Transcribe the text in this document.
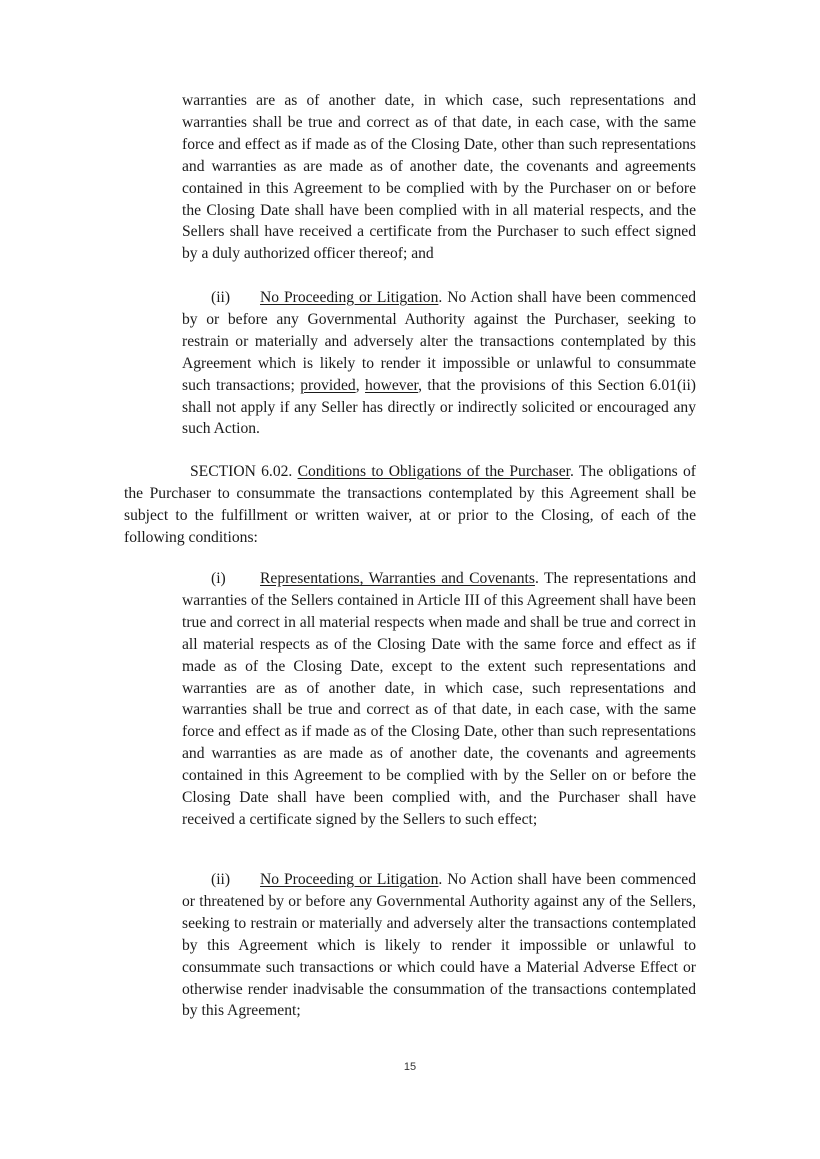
warranties are as of another date, in which case, such representations and warranties shall be true and correct as of that date, in each case, with the same force and effect as if made as of the Closing Date, other than such representations and warranties as are made as of another date, the covenants and agreements contained in this Agreement to be complied with by the Purchaser on or before the Closing Date shall have been complied with in all material respects, and the Sellers shall have received a certificate from the Purchaser to such effect signed by a duly authorized officer thereof; and

(ii) No Proceeding or Litigation. No Action shall have been commenced by or before any Governmental Authority against the Purchaser, seeking to restrain or materially and adversely alter the transactions contemplated by this Agreement which is likely to render it impossible or unlawful to consummate such transactions; provided, however, that the provisions of this Section 6.01(ii) shall not apply if any Seller has directly or indirectly solicited or encouraged any such Action.

SECTION 6.02. Conditions to Obligations of the Purchaser. The obligations of the Purchaser to consummate the transactions contemplated by this Agreement shall be subject to the fulfillment or written waiver, at or prior to the Closing, of each of the following conditions:

(i) Representations, Warranties and Covenants. The representations and warranties of the Sellers contained in Article III of this Agreement shall have been true and correct in all material respects when made and shall be true and correct in all material respects as of the Closing Date with the same force and effect as if made as of the Closing Date, except to the extent such representations and warranties are as of another date, in which case, such representations and warranties shall be true and correct as of that date, in each case, with the same force and effect as if made as of the Closing Date, other than such representations and warranties as are made as of another date, the covenants and agreements contained in this Agreement to be complied with by the Seller on or before the Closing Date shall have been complied with, and the Purchaser shall have received a certificate signed by the Sellers to such effect;

(ii) No Proceeding or Litigation. No Action shall have been commenced or threatened by or before any Governmental Authority against any of the Sellers, seeking to restrain or materially and adversely alter the transactions contemplated by this Agreement which is likely to render it impossible or unlawful to consummate such transactions or which could have a Material Adverse Effect or otherwise render inadvisable the consummation of the transactions contemplated by this Agreement;

15
